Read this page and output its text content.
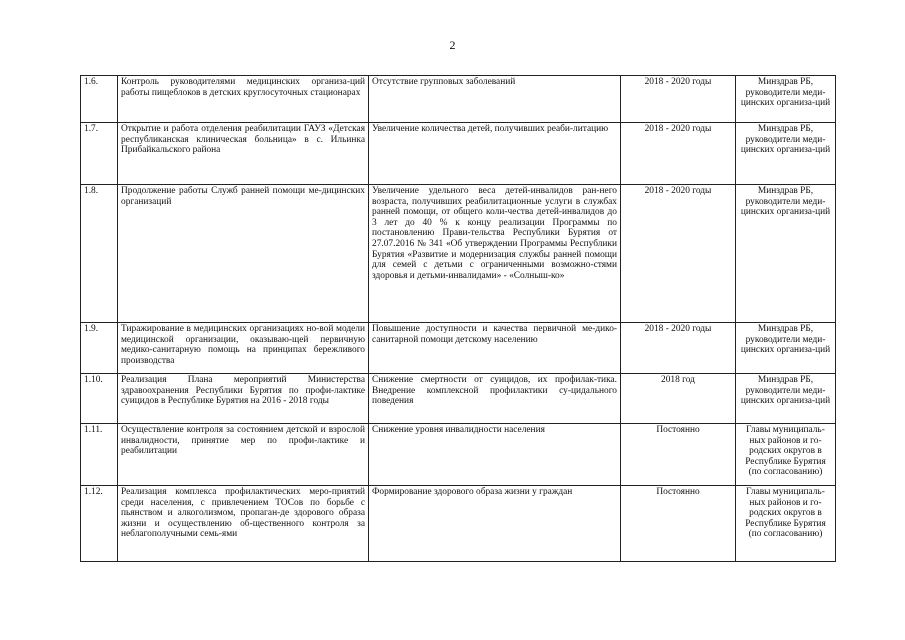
2
1.6.	Контроль руководителями медицинских организа-ций работы пищеблоков в детских круглосуточных стационарах	Отсутствие групповых заболеваний	2018 - 2020 годы	Минздрав РБ, руководители меди-цинских организа-ций
1.7.	Открытие и работа отделения реабилитации ГАУЗ «Детская республиканская клиническая больница» в с. Ильинка Прибайкальского района	Увеличение количества детей, получивших реаби-литацию	2018 - 2020 годы	Минздрав РБ, руководители меди-цинских организа-ций
1.8.	Продолжение работы Служб ранней помощи ме-дицинских организаций	Увеличение удельного веса детей-инвалидов ран-него возраста, получивших реабилитационные услуги в службах ранней помощи, от общего коли-чества детей-инвалидов до 3 лет до 40 % к концу реализации Программы по постановлению Прави-тельства Республики Бурятия от 27.07.2016 № 341 «Об утверждении Программы Республики Бурятия «Развитие и модернизация службы ранней помощи для семей с детьми с ограниченными возможно-стями здоровья и детьми-инвалидами» - «Солныш-ко»	2018 - 2020 годы	Минздрав РБ, руководители меди-цинских организа-ций
1.9.	Тиражирование в медицинских организациях но-вой модели медицинской организации, оказываю-щей первичную медико-санитарную помощь на принципах бережливого производства	Повышение доступности и качества первичной ме-дико-санитарной помощи детскому населению	2018 - 2020 годы	Минздрав РБ, руководители меди-цинских организа-ций
1.10.	Реализация Плана мероприятий Министерства здравоохранения Республики Бурятия по профи-лактике суицидов в Республике Бурятия на 2016 - 2018 годы	Снижение смертности от суицидов, их профилак-тика. Внедрение комплексной профилактики су-цидального поведения	2018 год	Минздрав РБ, руководители меди-цинских организа-ций
1.11.	Осуществление контроля за состоянием детской и взрослой инвалидности, принятие мер по профи-лактике и реабилитации	Снижение уровня инвалидности населения	Постоянно	Главы муниципаль-ных районов и го-родских округов в Республике Бурятия (по согласованию)
1.12.	Реализация комплекса профилактических меро-приятий среди населения, с привлечением ТОСов по борьбе с пьянством и алкоголизмом, пропаган-де здорового образа жизни и осуществлению об-щественного контроля за неблагополучными семь-ями	Формирование здорового образа жизни у граждан	Постоянно	Главы муниципаль-ных районов и го-родских округов в Республике Бурятия (по согласованию)
